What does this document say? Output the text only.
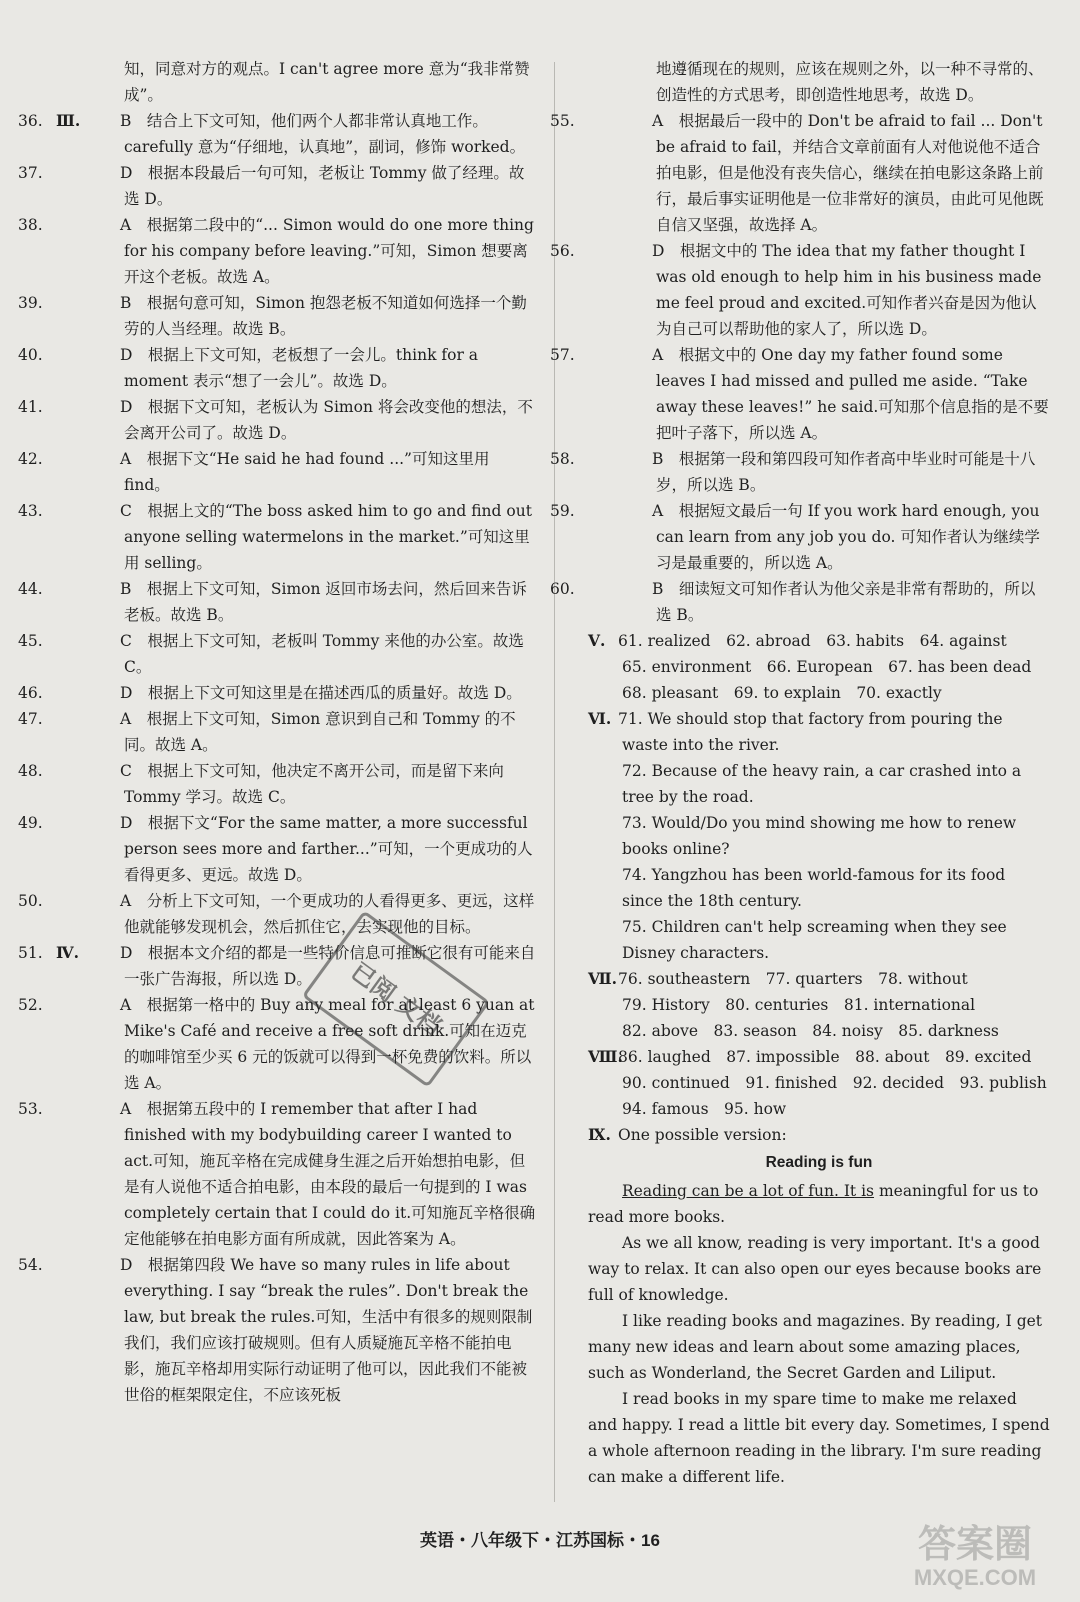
知，同意对方的观点。I can't agree more 意为“我非常赞成”。
Ⅲ.36.	B　结合上下文可知，他们两个人都非常认真地工作。carefully 意为“仔细地，认真地”，副词，修饰 worked。
37.	D　根据本段最后一句可知，老板让 Tommy 做了经理。故选 D。
38.	A　根据第二段中的“... Simon would do one more thing for his company before leaving.”可知，Simon 想要离开这个老板。故选 A。
39.	B　根据句意可知，Simon 抱怨老板不知道如何选择一个勤劳的人当经理。故选 B。
40.	D　根据上下文可知，老板想了一会儿。think for a moment 表示“想了一会儿”。故选 D。
41.	D　根据下文可知，老板认为 Simon 将会改变他的想法，不会离开公司了。故选 D。
42.	A　根据下文“He said he had found ...”可知这里用 find。
43.	C　根据上文的“The boss asked him to go and find out anyone selling watermelons in the market.”可知这里用 selling。
44.	B　根据上下文可知，Simon 返回市场去问，然后回来告诉老板。故选 B。
45.	C　根据上下文可知，老板叫 Tommy 来他的办公室。故选 C。
46.	D　根据上下文可知这里是在描述西瓜的质量好。故选 D。
47.	A　根据上下文可知，Simon 意识到自己和 Tommy 的不同。故选 A。
48.	C　根据上下文可知，他决定不离开公司，而是留下来向 Tommy 学习。故选 C。
49.	D　根据下文“For the same matter, a more successful person sees more and farther...”可知，一个更成功的人看得更多、更远。故选 D。
50.	A　分析上下文可知，一个更成功的人看得更多、更远，这样他就能够发现机会，然后抓住它，去实现他的目标。
Ⅳ.51.	D　根据本文介绍的都是一些特价信息可推断它很有可能来自一张广告海报，所以选 D。
52.	A　根据第一格中的 Buy any meal for at least 6 yuan at Mike's Café and receive a free soft drink.可知在迈克的咖啡馆至少买 6 元的饭就可以得到一杯免费的饮料。所以选 A。
53.	A　根据第五段中的 I remember that after I had finished with my bodybuilding career I wanted to act.可知，施瓦辛格在完成健身生涯之后开始想拍电影，但是有人说他不适合拍电影，由本段的最后一句提到的 I was completely certain that I could do it.可知施瓦辛格很确定他能够在拍电影方面有所成就，因此答案为 A。
54.	D　根据第四段 We have so many rules in life about everything. I say “break the rules”. Don't break the law, but break the rules.可知，生活中有很多的规则限制我们，我们应该打破规则。但有人质疑施瓦辛格不能拍电影，施瓦辛格却用实际行动证明了他可以，因此我们不能被世俗的框架限定住，不应该死板
地遵循现在的规则，应该在规则之外，以一种不寻常的、创造性的方式思考，即创造性地思考，故选 D。
55.	A　根据最后一段中的 Don't be afraid to fail ... Don't be afraid to fail，并结合文章前面有人对他说他不适合拍电影，但是他没有丧失信心，继续在拍电影这条路上前行，最后事实证明他是一位非常好的演员，由此可见他既自信又坚强，故选择 A。
56.	D　根据文中的 The idea that my father thought I was old enough to help him in his business made me feel proud and excited.可知作者兴奋是因为他认为自己可以帮助他的家人了，所以选 D。
57.	A　根据文中的 One day my father found some leaves I had missed and pulled me aside. “Take away these leaves!” he said.可知那个信息指的是不要把叶子落下，所以选 A。
58.	B　根据第一段和第四段可知作者高中毕业时可能是十八岁，所以选 B。
59.	A　根据短文最后一句 If you work hard enough, you can learn from any job you do. 可知作者认为继续学习是最重要的，所以选 A。
60.	B　细读短文可知作者认为他父亲是非常有帮助的，所以选 B。
Ⅴ. 61. realized　62. abroad　63. habits　64. against
65. environment　66. European　67. has been dead
68. pleasant　69. to explain　70. exactly
Ⅵ. 71. We should stop that factory from pouring the waste into the river.
72. Because of the heavy rain, a car crashed into a tree by the road.
73. Would/Do you mind showing me how to renew books online?
74. Yangzhou has been world-famous for its food since the 18th century.
75. Children can't help screaming when they see Disney characters.
Ⅶ.76. southeastern　77. quarters　78. without
79. History　80. centuries　81. international
82. above　83. season　84. noisy　85. darkness
Ⅷ.86. laughed　87. impossible　88. about　89. excited
90. continued　91. finished　92. decided　93. publish
94. famous　95. how
Ⅸ. One possible version:
Reading is fun
Reading can be a lot of fun. It is meaningful for us to read more books.
As we all know, reading is very important. It's a good way to relax. It can also open our eyes because books are full of knowledge.
I like reading books and magazines. By reading, I get many new ideas and learn about some amazing places, such as Wonderland, the Secret Garden and Liliput.
I read books in my spare time to make me relaxed and happy. I read a little bit every day. Sometimes, I spend a whole afternoon reading in the library. I'm sure reading can make a different life.
已阅 文档
英语・八年级下・江苏国标・16	答案圈
MXQE.COM
